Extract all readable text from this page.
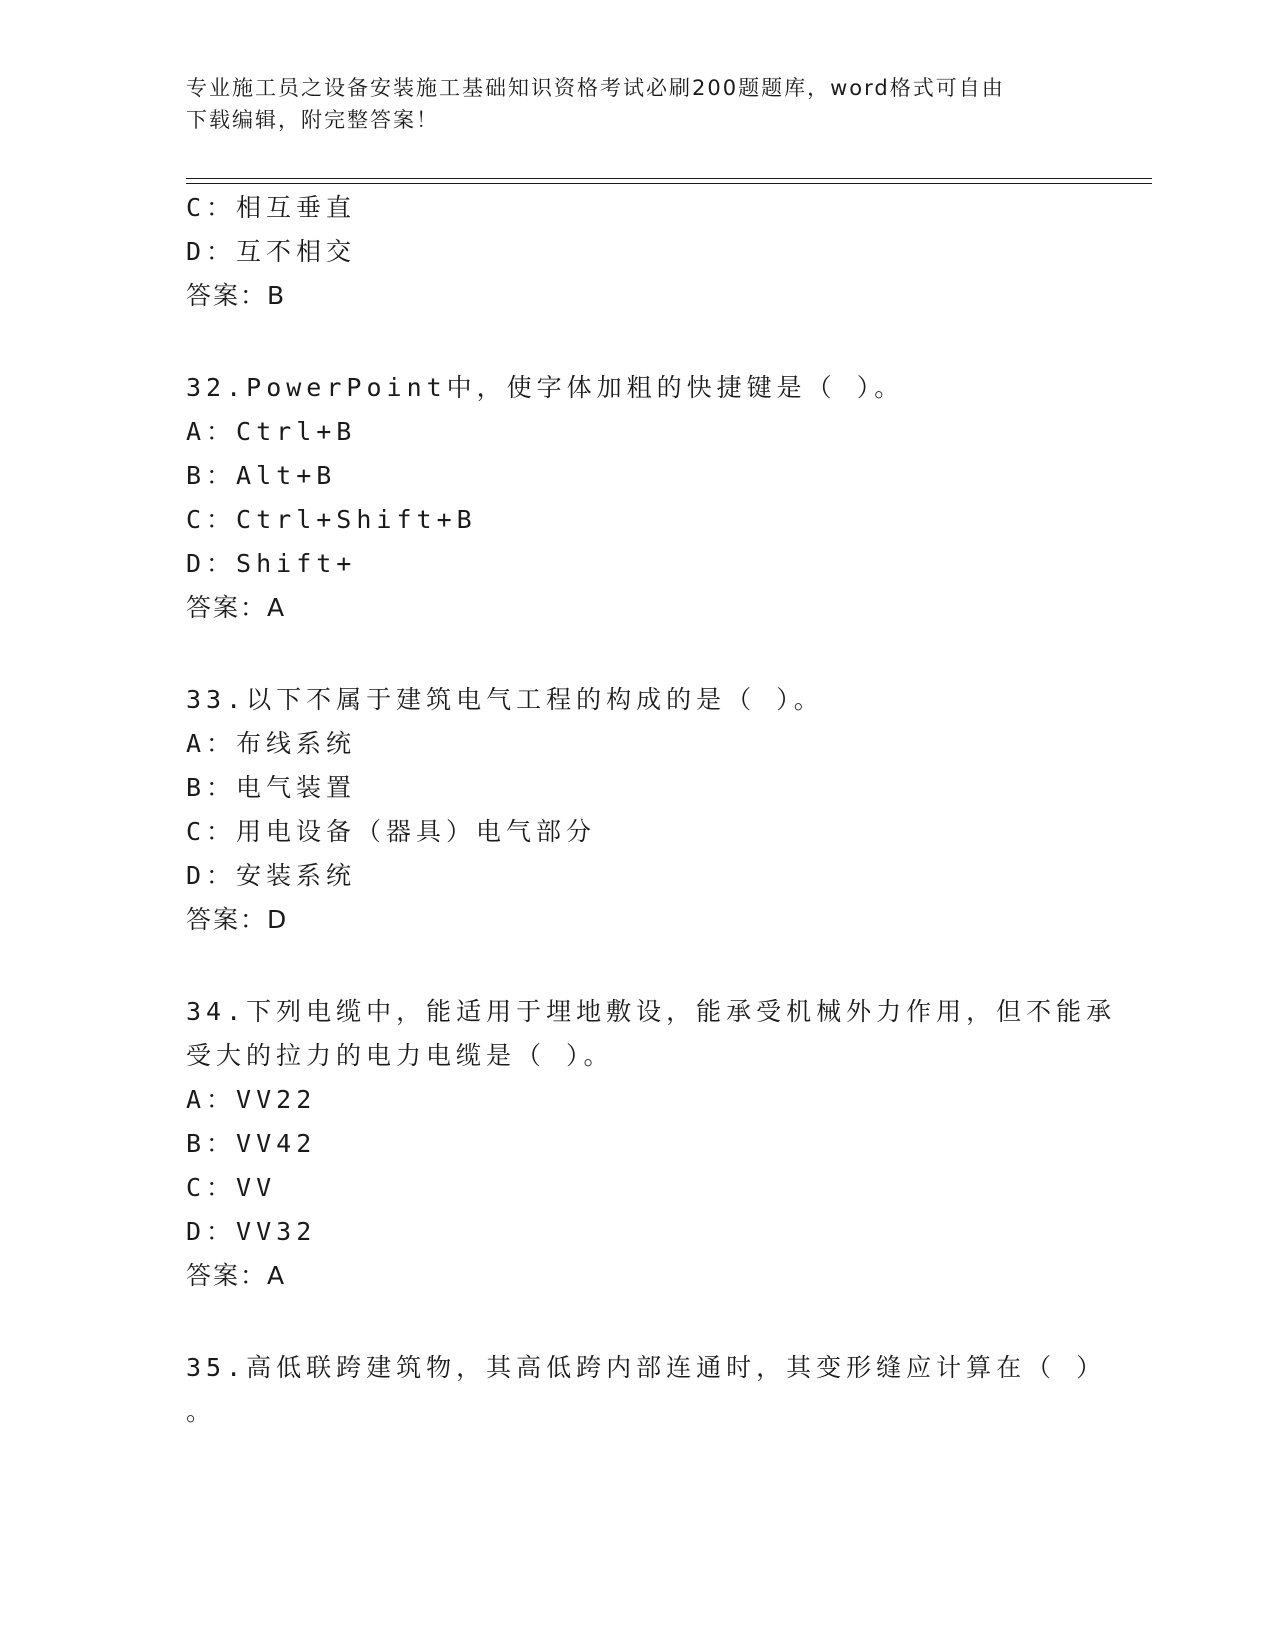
专业施工员之设备安装施工基础知识资格考试必刷200题题库，word格式可自由
下载编辑，附完整答案！
C：相互垂直
D：互不相交
答案：B
32.PowerPoint中，使字体加粗的快捷键是（ ）。
A：Ctrl+B
B：Alt+B
C：Ctrl+Shift+B
D：Shift+
答案：A
33.以下不属于建筑电气工程的构成的是（ ）。
A：布线系统
B：电气装置
C：用电设备（器具）电气部分
D：安装系统
答案：D
34.下列电缆中，能适用于埋地敷设，能承受机械外力作用，但不能承
受大的拉力的电力电缆是（ ）。
A：VV22
B：VV42
C：VV
D：VV32
答案：A
35.高低联跨建筑物，其高低跨内部连通时，其变形缝应计算在（ ）
。
